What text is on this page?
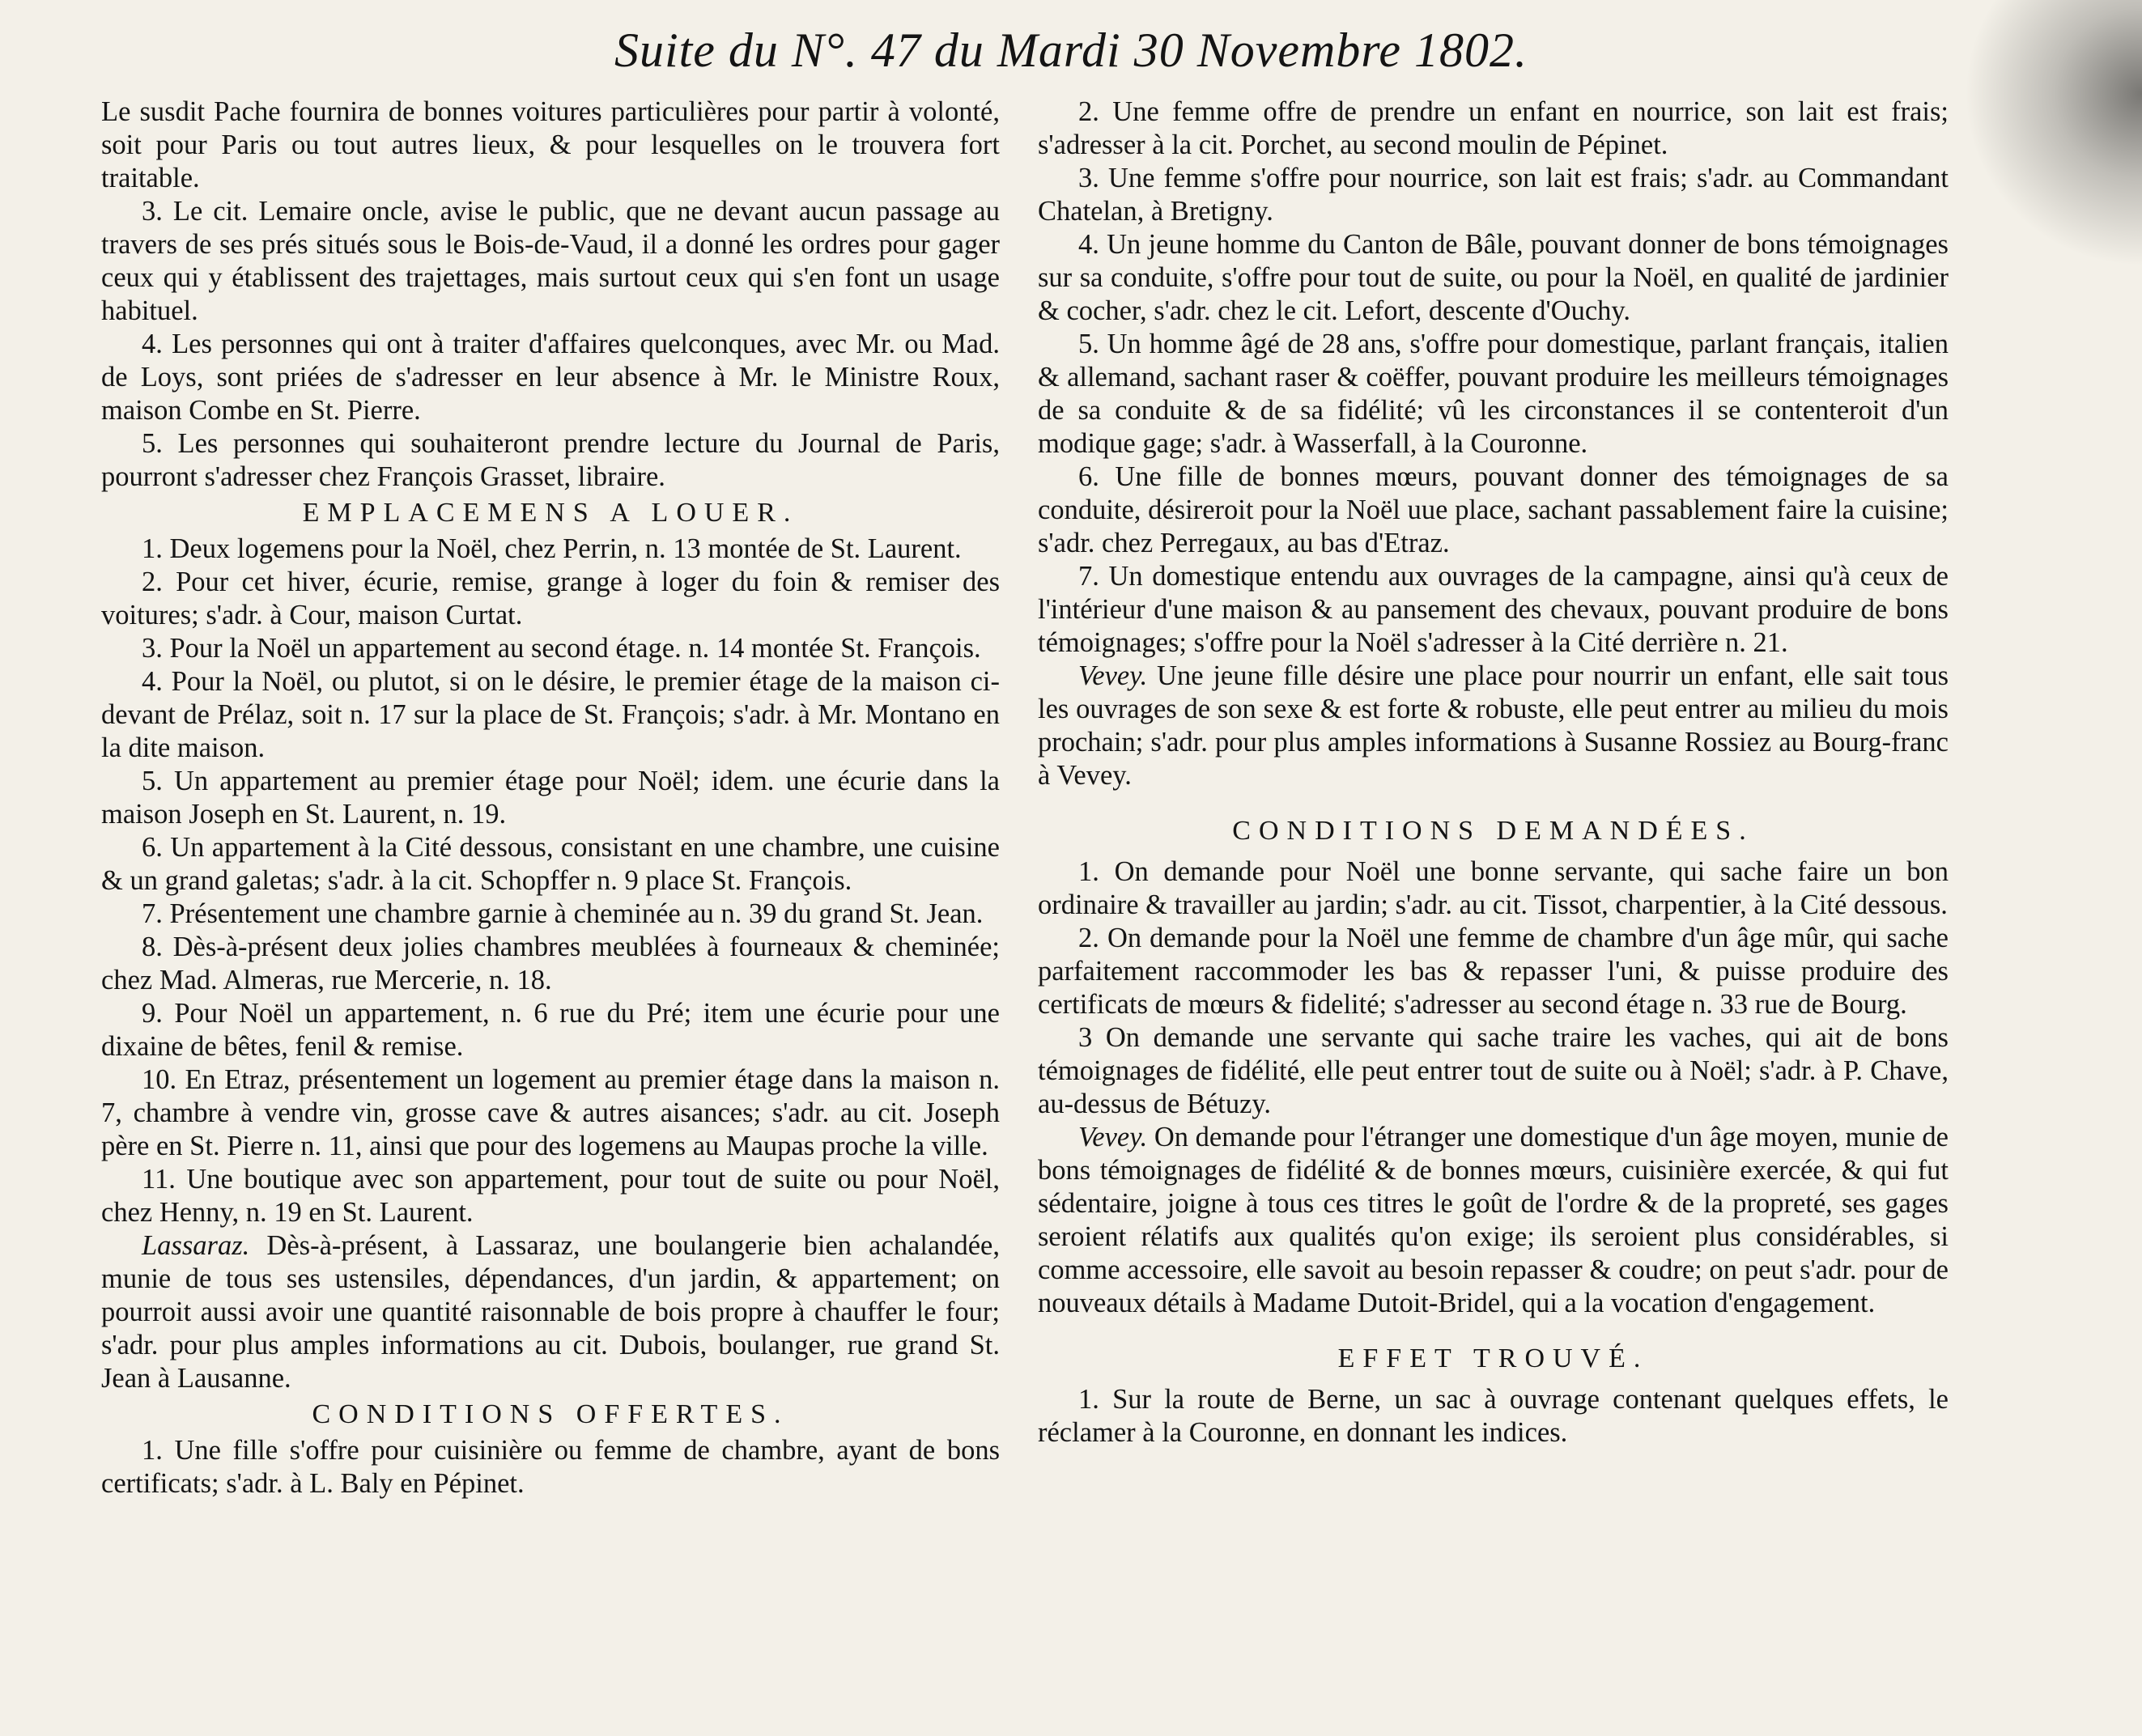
Suite du N°. 47 du Mardi 30 Novembre 1802.

Le susdit Pache fournira de bonnes voitures particulières pour partir à volonté, soit pour Paris ou tout autres lieux, & pour lesquelles on le trouvera fort traitable.

3. Le cit. Lemaire oncle, avise le public, que ne devant aucun passage au travers de ses prés situés sous le Bois-de-Vaud, il a donné les ordres pour gager ceux qui y établissent des trajettages, mais surtout ceux qui s'en font un usage habituel.

4. Les personnes qui ont à traiter d'affaires quelconques, avec Mr. ou Mad. de Loys, sont priées de s'adresser en leur absence à Mr. le Ministre Roux, maison Combe en St. Pierre.

5. Les personnes qui souhaiteront prendre lecture du Journal de Paris, pourront s'adresser chez François Grasset, libraire.

EMPLACEMENS A LOUER.

1. Deux logemens pour la Noël, chez Perrin, n. 13 montée de St. Laurent.

2. Pour cet hiver, écurie, remise, grange à loger du foin & remiser des voitures; s'adr. à Cour, maison Curtat.

3. Pour la Noël un appartement au second étage. n. 14 montée St. François.

4. Pour la Noël, ou plutot, si on le désire, le premier étage de la maison ci-devant de Prélaz, soit n. 17 sur la place de St. François; s'adr. à Mr. Montano en la dite maison.

5. Un appartement au premier étage pour Noël; idem. une écurie dans la maison Joseph en St. Laurent, n. 19.

6. Un appartement à la Cité dessous, consistant en une chambre, une cuisine & un grand galetas; s'adr. à la cit. Schopffer n. 9 place St. François.

7. Présentement une chambre garnie à cheminée au n. 39 du grand St. Jean.

8. Dès-à-présent deux jolies chambres meublées à fourneaux & cheminée; chez Mad. Almeras, rue Mercerie, n. 18.

9. Pour Noël un appartement, n. 6 rue du Pré; item une écurie pour une dixaine de bêtes, fenil & remise.

10. En Etraz, présentement un logement au premier étage dans la maison n. 7, chambre à vendre vin, grosse cave & autres aisances; s'adr. au cit. Joseph père en St. Pierre n. 11, ainsi que pour des logemens au Maupas proche la ville.

11. Une boutique avec son appartement, pour tout de suite ou pour Noël, chez Henny, n. 19 en St. Laurent.

Lassaraz. Dès-à-présent, à Lassaraz, une boulangerie bien achalandée, munie de tous ses ustensiles, dépendances, d'un jardin, & appartement; on pourroit aussi avoir une quantité raisonnable de bois propre à chauffer le four; s'adr. pour plus amples informations au cit. Dubois, boulanger, rue grand St. Jean à Lausanne.

CONDITIONS OFFERTES.

1. Une fille s'offre pour cuisinière ou femme de chambre, ayant de bons certificats; s'adr. à L. Baly en Pépinet.

2. Une femme offre de prendre un enfant en nourrice, son lait est frais; s'adresser à la cit. Porchet, au second moulin de Pépinet.

3. Une femme s'offre pour nourrice, son lait est frais; s'adr. au Commandant Chatelan, à Bretigny.

4. Un jeune homme du Canton de Bâle, pouvant donner de bons témoignages sur sa conduite, s'offre pour tout de suite, ou pour la Noël, en qualité de jardinier & cocher, s'adr. chez le cit. Lefort, descente d'Ouchy.

5. Un homme âgé de 28 ans, s'offre pour domestique, parlant français, italien & allemand, sachant raser & coëffer, pouvant produire les meilleurs témoignages de sa conduite & de sa fidélité; vû les circonstances il se contenteroit d'un modique gage; s'adr. à Wasserfall, à la Couronne.

6. Une fille de bonnes mœurs, pouvant donner des témoignages de sa conduite, désireroit pour la Noël uue place, sachant passablement faire la cuisine; s'adr. chez Perregaux, au bas d'Etraz.

7. Un domestique entendu aux ouvrages de la campagne, ainsi qu'à ceux de l'intérieur d'une maison & au pansement des chevaux, pouvant produire de bons témoignages; s'offre pour la Noël s'adresser à la Cité derrière n. 21.

Vevey. Une jeune fille désire une place pour nourrir un enfant, elle sait tous les ouvrages de son sexe & est forte & robuste, elle peut entrer au milieu du mois prochain; s'adr. pour plus amples informations à Susanne Rossiez au Bourg-franc à Vevey.

CONDITIONS DEMANDÉES.

1. On demande pour Noël une bonne servante, qui sache faire un bon ordinaire & travailler au jardin; s'adr. au cit. Tissot, charpentier, à la Cité dessous.

2. On demande pour la Noël une femme de chambre d'un âge mûr, qui sache parfaitement raccommoder les bas & repasser l'uni, & puisse produire des certificats de mœurs & fidelité; s'adresser au second étage n. 33 rue de Bourg.

3 On demande une servante qui sache traire les vaches, qui ait de bons témoignages de fidélité, elle peut entrer tout de suite ou à Noël; s'adr. à P. Chave, au-dessus de Bétuzy.

Vevey. On demande pour l'étranger une domestique d'un âge moyen, munie de bons témoignages de fidélité & de bonnes mœurs, cuisinière exercée, & qui fut sédentaire, joigne à tous ces titres le goût de l'ordre & de la propreté, ses gages seroient rélatifs aux qualités qu'on exige; ils seroient plus considérables, si comme accessoire, elle savoit au besoin repasser & coudre; on peut s'adr. pour de nouveaux détails à Madame Dutoit-Bridel, qui a la vocation d'engagement.

EFFET TROUVÉ.

1. Sur la route de Berne, un sac à ouvrage contenant quelques effets, le réclamer à la Couronne, en donnant les indices.
